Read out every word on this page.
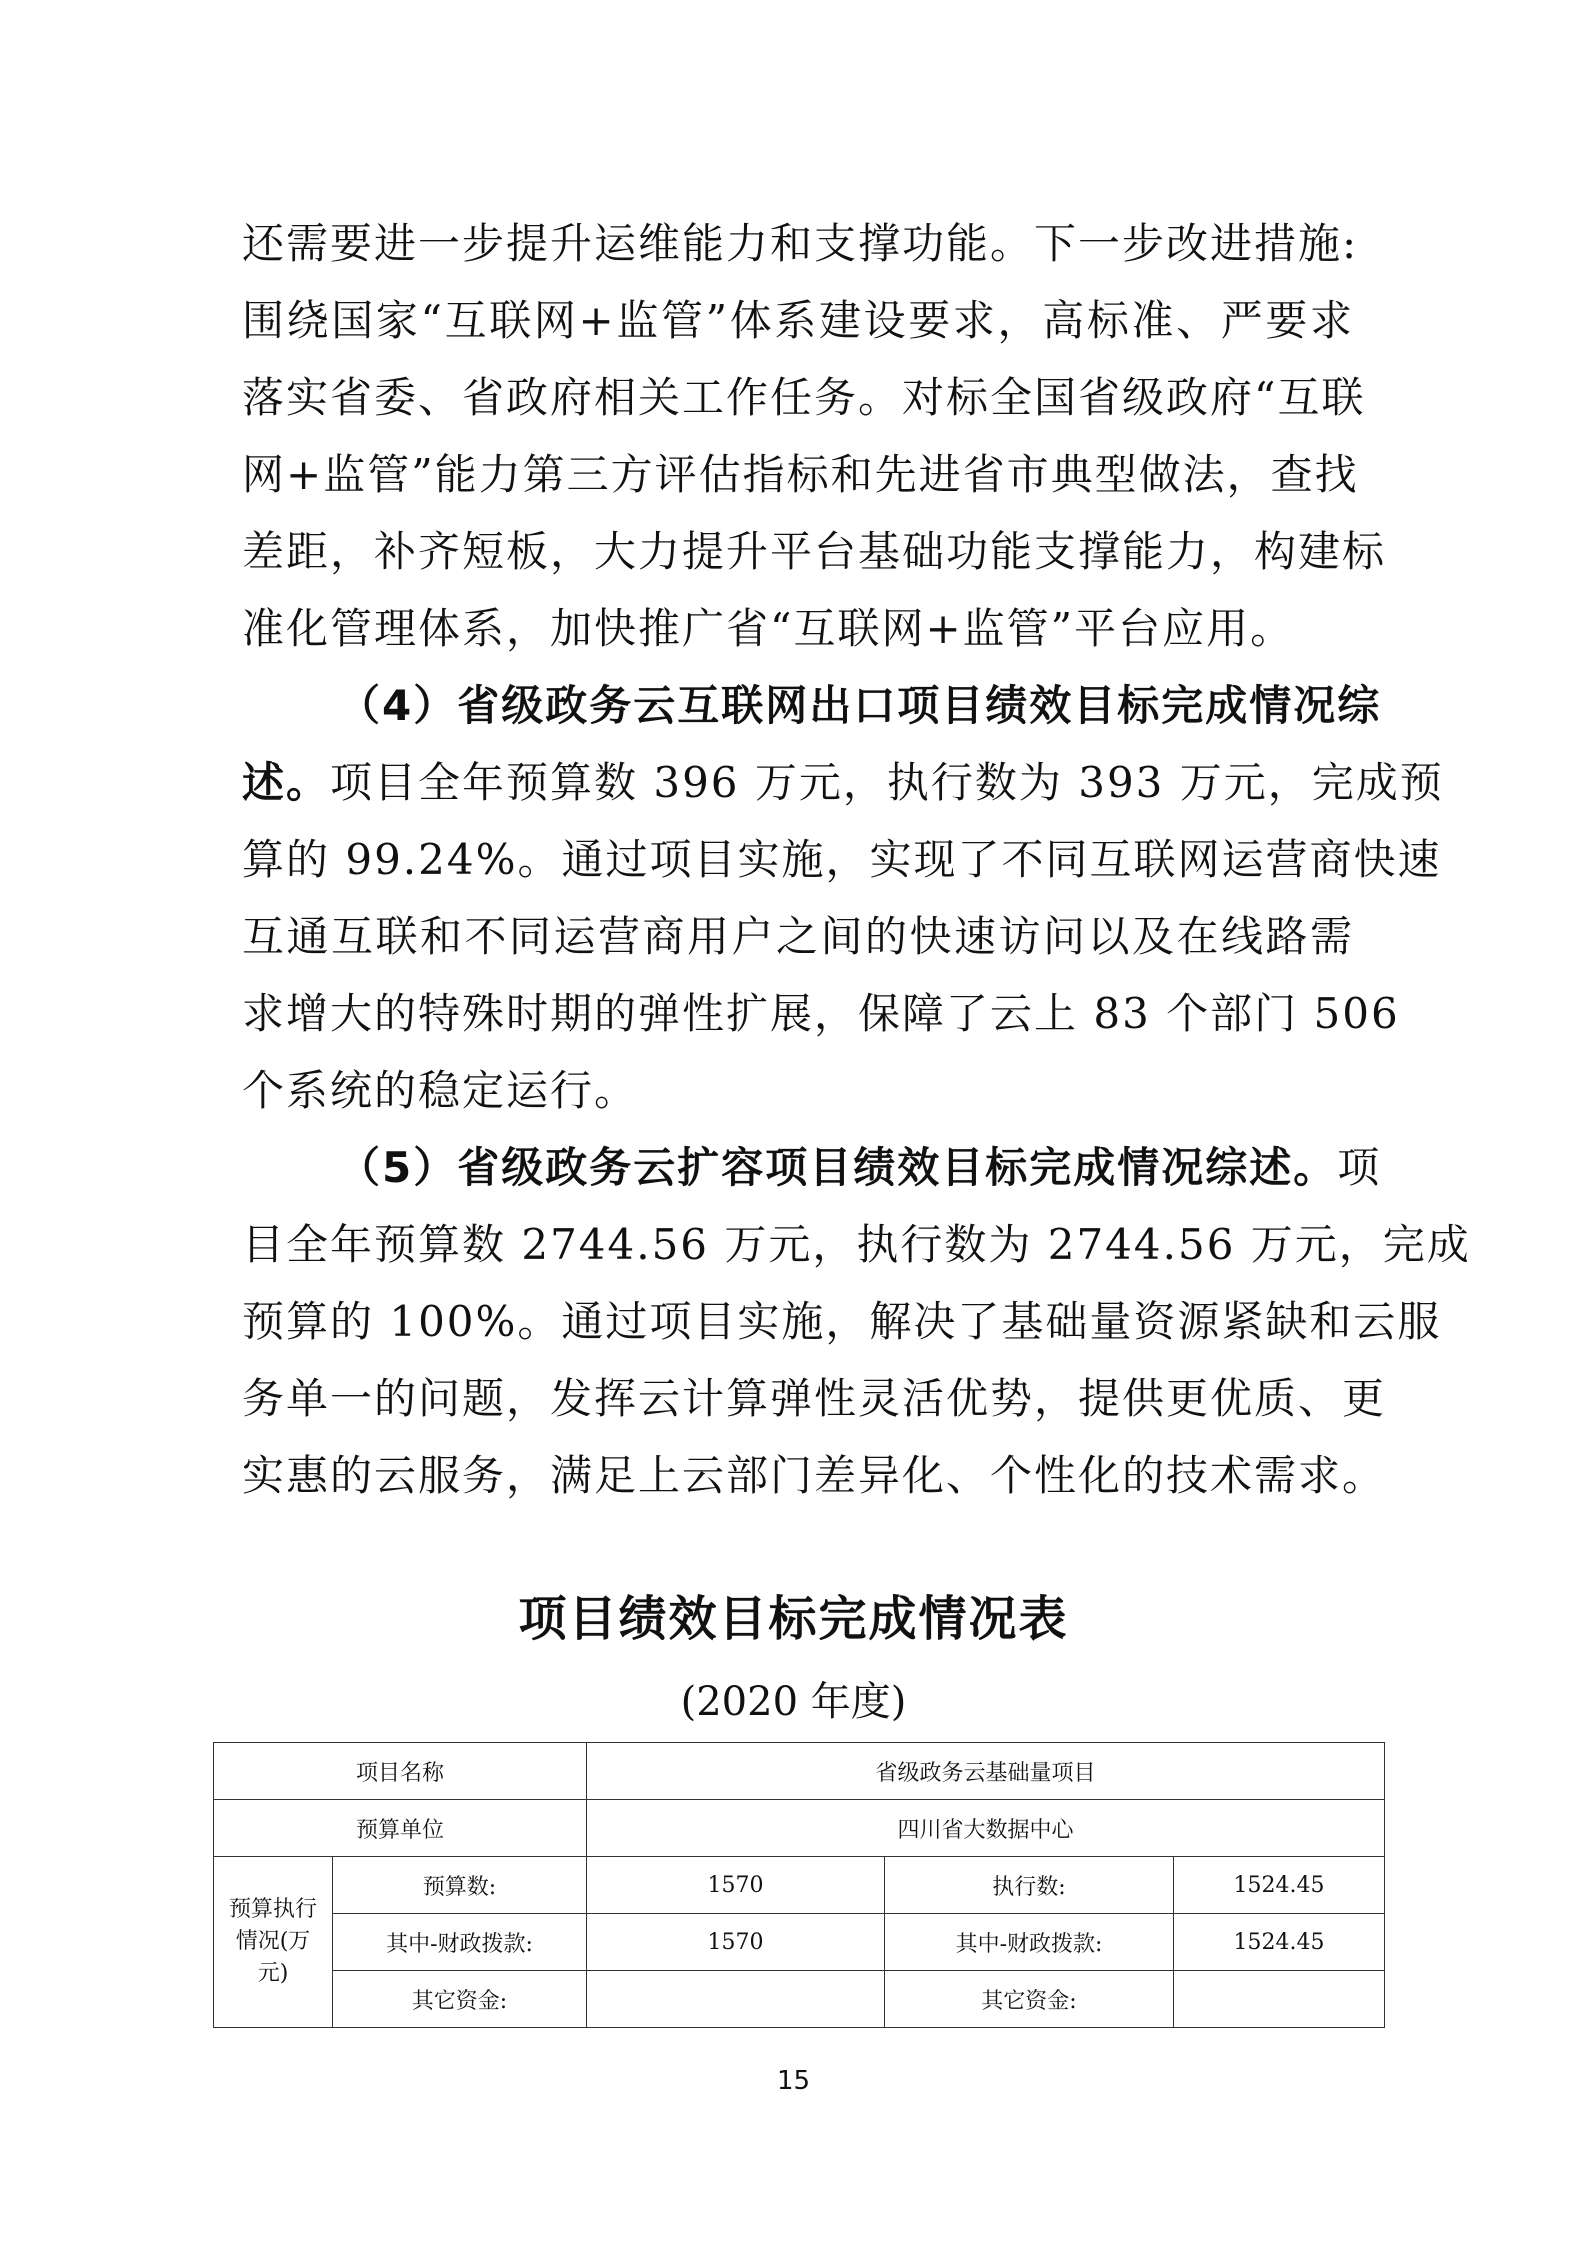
还需要进一步提升运维能力和支撑功能。下一步改进措施:
围绕国家“互联网+监管”体系建设要求，高标准、严要求
落实省委、省政府相关工作任务。对标全国省级政府“互联
网+监管”能力第三方评估指标和先进省市典型做法，查找
差距，补齐短板，大力提升平台基础功能支撑能力，构建标
准化管理体系，加快推广省“互联网+监管”平台应用。
（4）省级政务云互联网出口项目绩效目标完成情况综
述。项目全年预算数 396 万元，执行数为 393 万元，完成预
算的 99.24%。通过项目实施，实现了不同互联网运营商快速
互通互联和不同运营商用户之间的快速访问以及在线路需
求增大的特殊时期的弹性扩展，保障了云上 83 个部门 506
个系统的稳定运行。
（5）省级政务云扩容项目绩效目标完成情况综述。项
目全年预算数 2744.56 万元，执行数为 2744.56 万元，完成
预算的 100%。通过项目实施，解决了基础量资源紧缺和云服
务单一的问题，发挥云计算弹性灵活优势，提供更优质、更
实惠的云服务，满足上云部门差异化、个性化的技术需求。
项目绩效目标完成情况表
(2020 年度)
项目名称		省级政务云基础量项目		
预算单位		四川省大数据中心		

预算执行
情况(万
元)	预算数:	1570	执行数:	1524.45
	其中-财政拨款:	1570	其中-财政拨款:	1524.45
	其它资金:		其它资金:	
15
